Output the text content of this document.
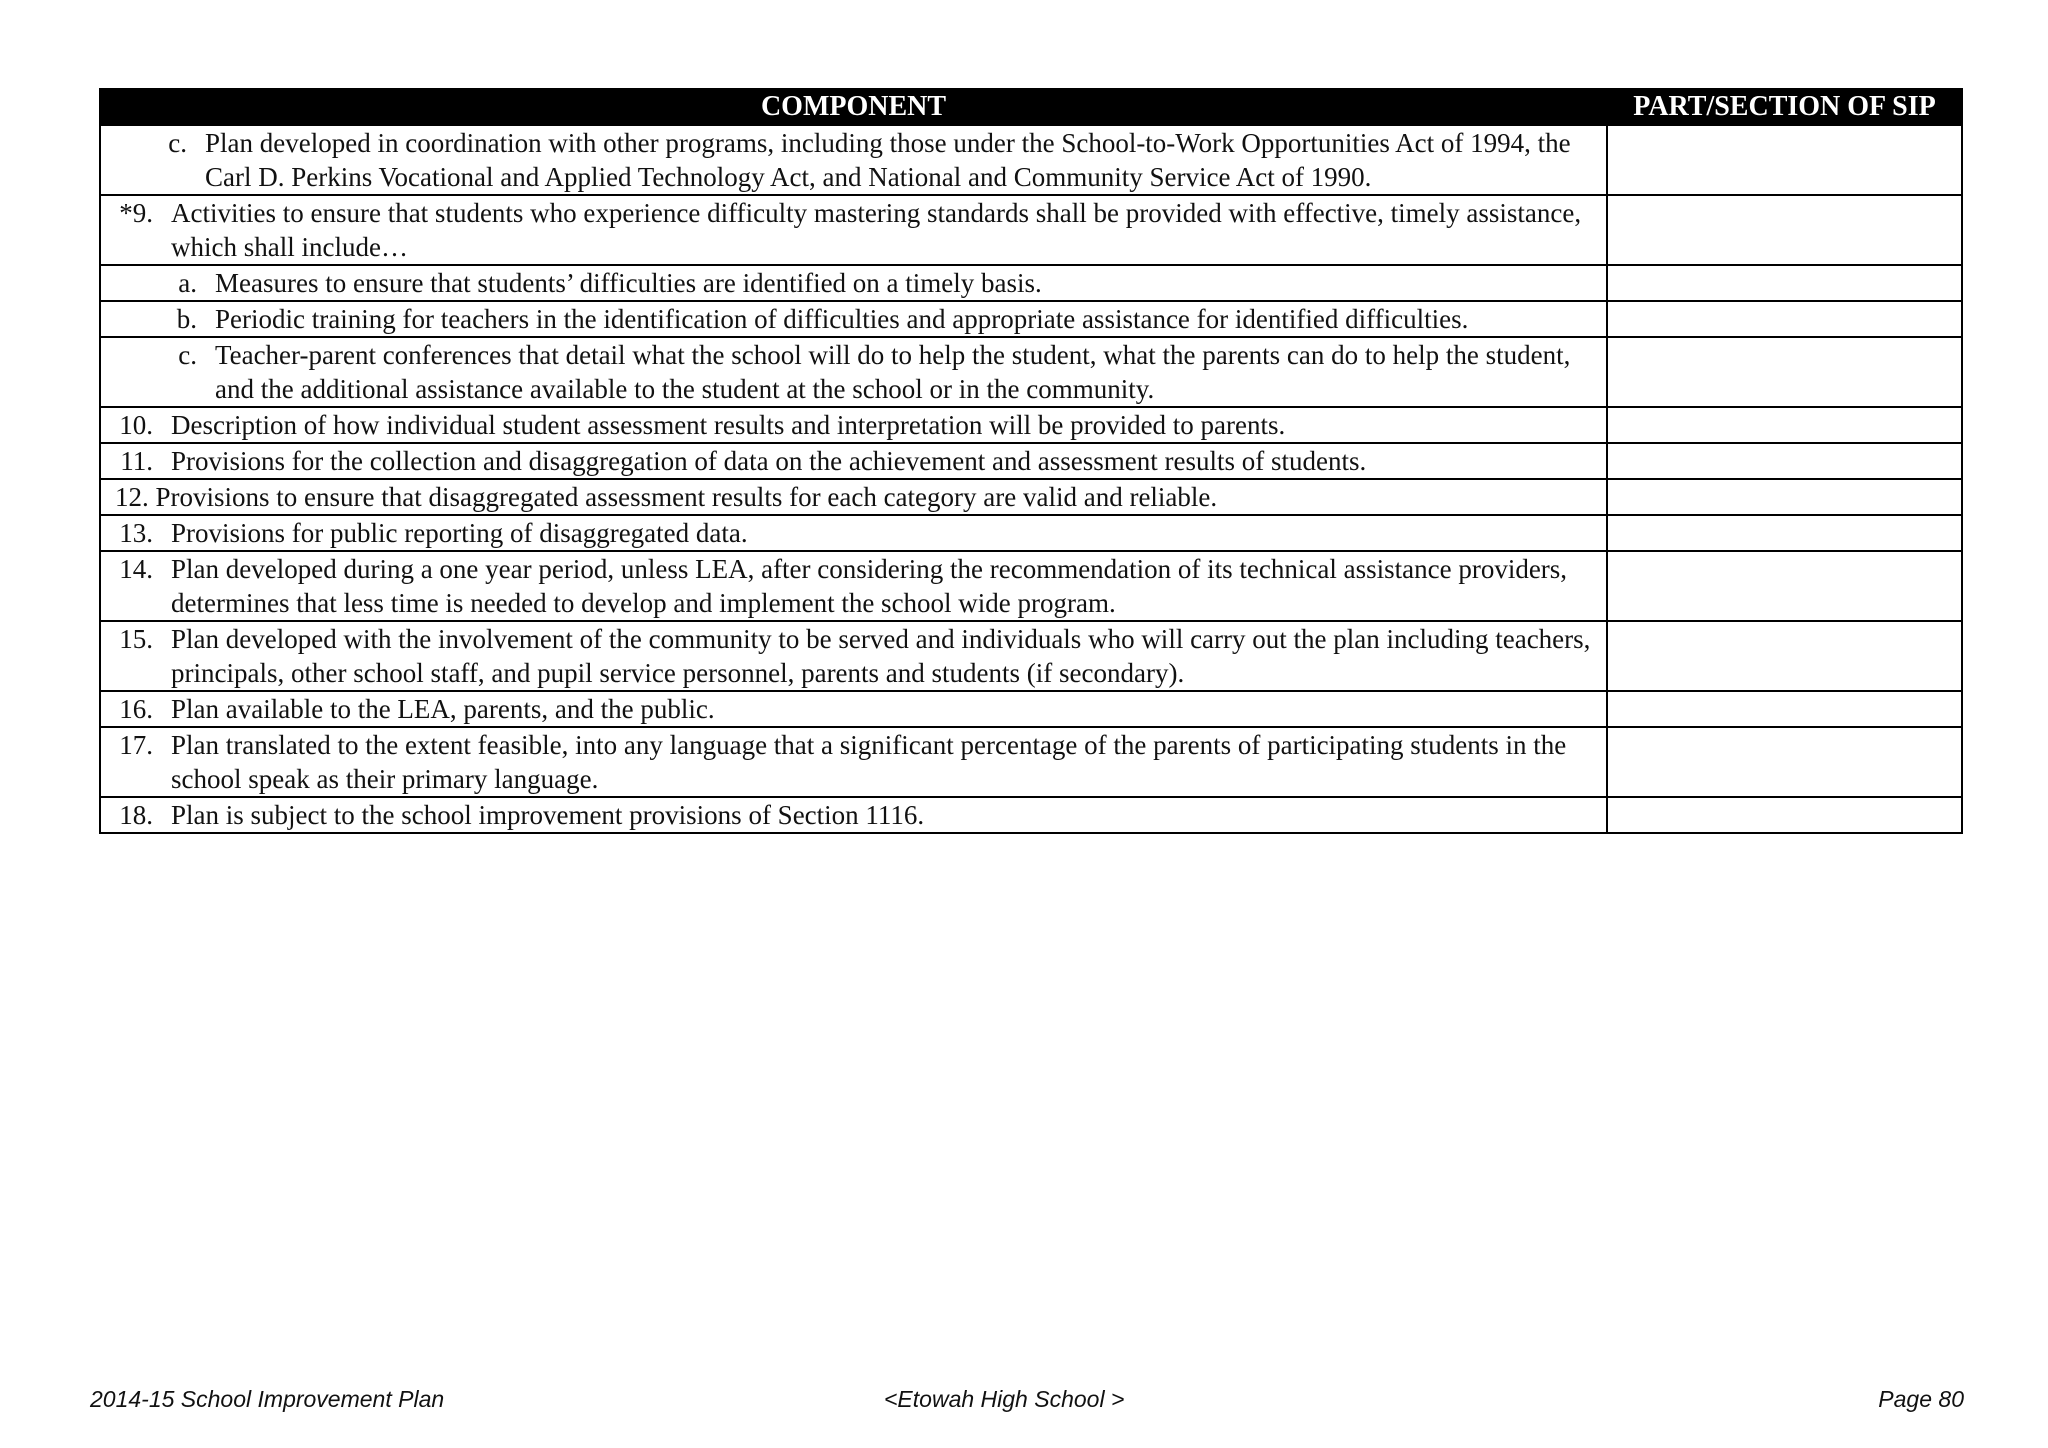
COMPONENT	PART/SECTION OF SIP

c. Plan developed in coordination with other programs, including those under the School-to-Work Opportunities Act of 1994, the Carl D. Perkins Vocational and Applied Technology Act, and National and Community Service Act of 1990.	

*9. Activities to ensure that students who experience difficulty mastering standards shall be provided with effective, timely assistance, which shall include…	

a. Measures to ensure that students’ difficulties are identified on a timely basis.	

b. Periodic training for teachers in the identification of difficulties and appropriate assistance for identified difficulties.	

c. Teacher-parent conferences that detail what the school will do to help the student, what the parents can do to help the student, and the additional assistance available to the student at the school or in the community.	

10. Description of how individual student assessment results and interpretation will be provided to parents.	

11. Provisions for the collection and disaggregation of data on the achievement and assessment results of students.	

12. Provisions to ensure that disaggregated assessment results for each category are valid and reliable.	

13. Provisions for public reporting of disaggregated data.	

14. Plan developed during a one year period, unless LEA, after considering the recommendation of its technical assistance providers, determines that less time is needed to develop and implement the school wide program.	

15. Plan developed with the involvement of the community to be served and individuals who will carry out the plan including teachers, principals, other school staff, and pupil service personnel, parents and students (if secondary).	

16. Plan available to the LEA, parents, and the public.	

17. Plan translated to the extent feasible, into any language that a significant percentage of the parents of participating students in the school speak as their primary language.	

18. Plan is subject to the school improvement provisions of Section 1116.	

2014-15 School Improvement Plan	<Etowah High School >	Page 80
